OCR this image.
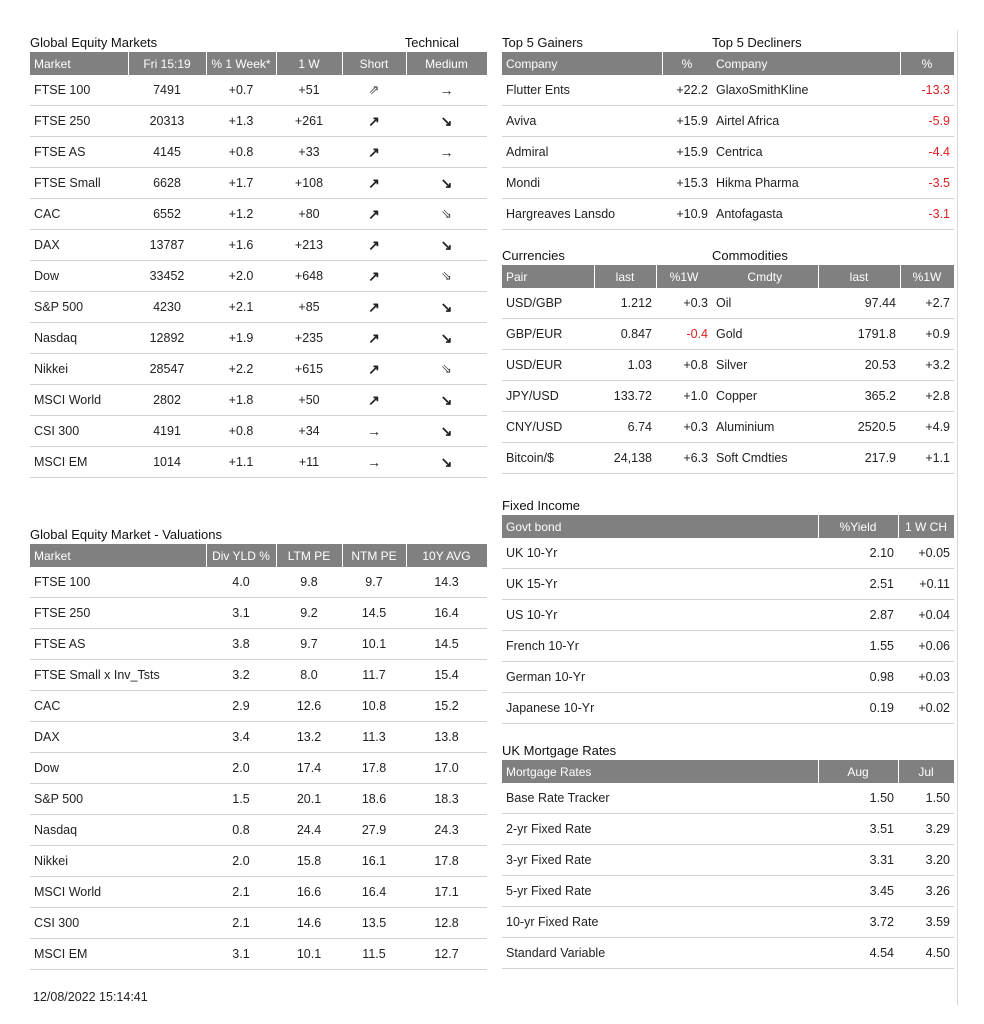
Global Equity Markets	Technical
Market	Fri 15:19	% 1 Week*	1 W	Short	Medium
FTSE 100	7491	+0.7	+51	⇗	→
FTSE 250	20313	+1.3	+261	↗	↘
FTSE AS	4145	+0.8	+33	↗	→
FTSE Small	6628	+1.7	+108	↗	↘
CAC	6552	+1.2	+80	↗	⇘
DAX	13787	+1.6	+213	↗	↘
Dow	33452	+2.0	+648	↗	⇘
S&P 500	4230	+2.1	+85	↗	↘
Nasdaq	12892	+1.9	+235	↗	↘
Nikkei	28547	+2.2	+615	↗	⇘
MSCI World	2802	+1.8	+50	↗	↘
CSI 300	4191	+0.8	+34	→	↘
MSCI EM	1014	+1.1	+11	→	↘
Global Equity Market - Valuations
Market	Div YLD %	LTM PE	NTM PE	10Y AVG
FTSE 100	4.0	9.8	9.7	14.3
FTSE 250	3.1	9.2	14.5	16.4
FTSE AS	3.8	9.7	10.1	14.5
FTSE Small x Inv_Tsts	3.2	8.0	11.7	15.4
CAC	2.9	12.6	10.8	15.2
DAX	3.4	13.2	11.3	13.8
Dow	2.0	17.4	17.8	17.0
S&P 500	1.5	20.1	18.6	18.3
Nasdaq	0.8	24.4	27.9	24.3
Nikkei	2.0	15.8	16.1	17.8
MSCI World	2.1	16.6	16.4	17.1
CSI 300	2.1	14.6	13.5	12.8
MSCI EM	3.1	10.1	11.5	12.7
Top 5 Gainers
Company	%
Flutter Ents	+22.2
Aviva	+15.9
Admiral	+15.9
Mondi	+15.3
Hargreaves Lansdo	+10.9
Top 5 Decliners
Company	%
GlaxoSmithKline	-13.3
Airtel Africa	-5.9
Centrica	-4.4
Hikma Pharma	-3.5
Antofagasta	-3.1
Currencies
Pair	last	%1W
USD/GBP	1.212	+0.3
GBP/EUR	0.847	-0.4
USD/EUR	1.03	+0.8
JPY/USD	133.72	+1.0
CNY/USD	6.74	+0.3
Bitcoin/$	24,138	+6.3
Commodities
Cmdty	last	%1W
Oil	97.44	+2.7
Gold	1791.8	+0.9
Silver	20.53	+3.2
Copper	365.2	+2.8
Aluminium	2520.5	+4.9
Soft Cmdties	217.9	+1.1
Fixed Income
Govt bond	%Yield	1 W CH
UK 10-Yr	2.10	+0.05
UK 15-Yr	2.51	+0.11
US 10-Yr	2.87	+0.04
French 10-Yr	1.55	+0.06
German 10-Yr	0.98	+0.03
Japanese 10-Yr	0.19	+0.02
UK Mortgage Rates
Mortgage Rates	Aug	Jul
Base Rate Tracker	1.50	1.50
2-yr Fixed Rate	3.51	3.29
3-yr Fixed Rate	3.31	3.20
5-yr Fixed Rate	3.45	3.26
10-yr Fixed Rate	3.72	3.59
Standard Variable	4.54	4.50
12/08/2022 15:14:41
